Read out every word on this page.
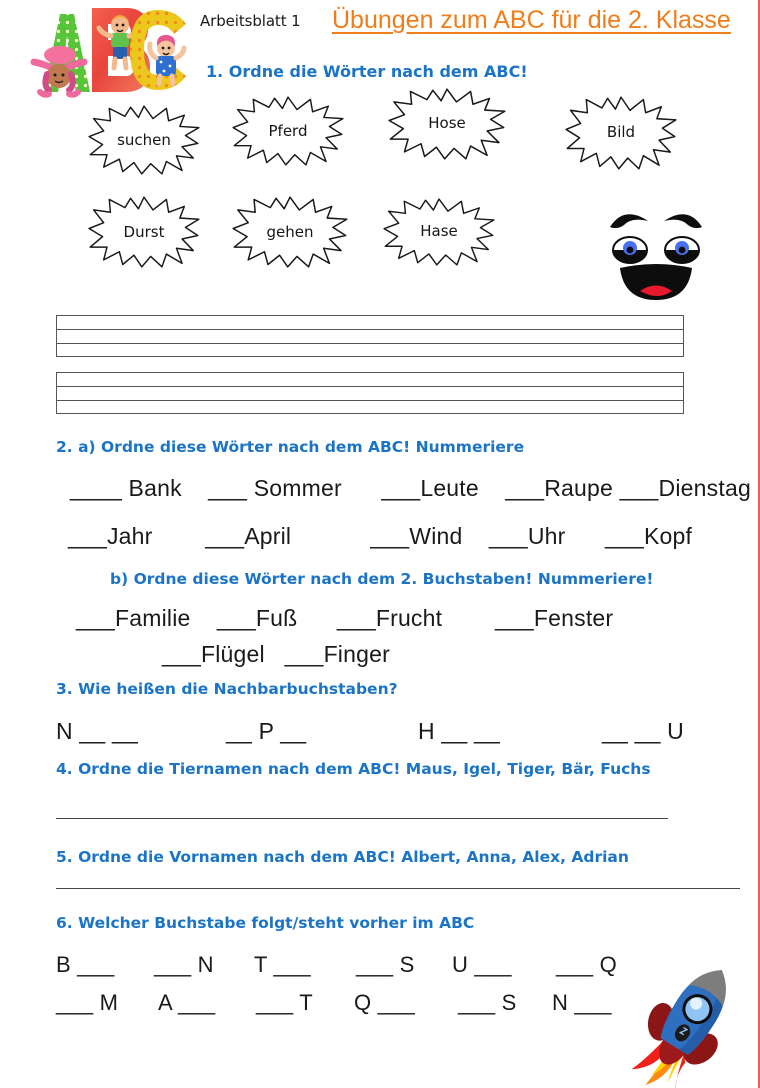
Arbeitsblatt 1 Übungen zum ABC für die 2. Klasse
1. Ordne die Wörter nach dem ABC!
suchen	Pferd	Hose	Bild
Durst	gehen	Hase
2. a) Ordne diese Wörter nach dem ABC! Nummeriere
____ Bank    ___ Sommer      ___Leute    ___Raupe ___Dienstag
___Jahr        ___April            ___Wind    ___Uhr      ___Kopf
b) Ordne diese Wörter nach dem 2. Buchstaben! Nummeriere!
___Familie    ___Fuß      ___Frucht        ___Fenster
___Flügel   ___Finger
3. Wie heißen die Nachbarbuchstaben?
N __ __	__ P __	H __ __	__ __ U
4. Ordne die Tiernamen nach dem ABC! Maus, Igel, Tiger, Bär, Fuchs
5. Ordne die Vornamen nach dem ABC! Albert, Anna, Alex, Adrian
6. Welcher Buchstabe folgt/steht vorher im ABC
B ___ ___ N T ___ ___ S U ___ ___ Q
___ M A ___ ___ T Q ___ ___ S N ___
